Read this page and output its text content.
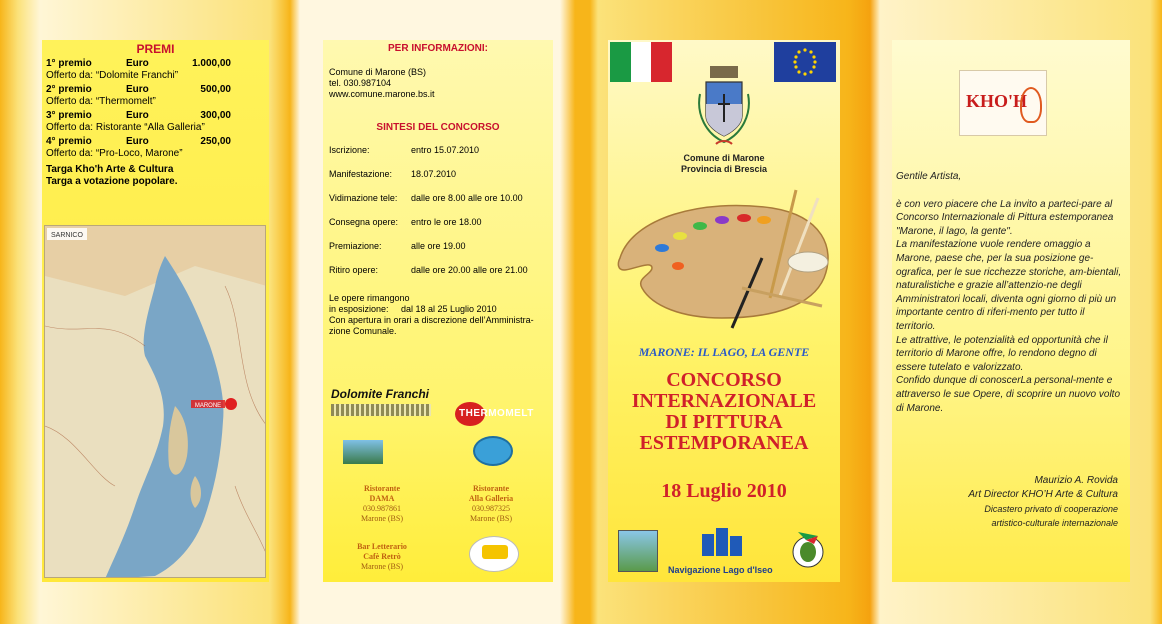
PREMI
1° premio	Euro	1.000,00
Offerto da: “Dolomite Franchi”
2° premio	Euro	500,00
Offerto da: “Thermomelt”
3° premio	Euro	300,00
Offerto da: Ristorante “Alla Galleria”
4° premio	Euro	250,00
Offerto da: “Pro-Loco, Marone”
Targa Kho'h Arte & Cultura
Targa a votazione popolare.
MARONE
SARNICO
PER INFORMAZIONI:
Comune di Marone (BS)
tel. 030.987104
www.comune.marone.bs.it
SINTESI DEL CONCORSO
Iscrizione:	entro 15.07.2010
Manifestazione:	18.07.2010
Vidimazione tele:	dalle ore 8.00 alle ore 10.00
Consegna opere:	entro le ore 18.00
Premiazione:	alle ore 19.00
Ritiro opere:	dalle ore 20.00 alle ore 21.00
Le opere rimangono
in esposizione:	dal 18 al 25 Luglio 2010
Con apertura in orari a discrezione dell’Amministra-zione Comunale.
Dolomite Franchi
THERMOMELT
Ristorante
DAMA
030.987861
Marone (BS)
Ristorante
Alla Galleria
030.987325
Marone (BS)
Bar Letterario
Cafè Retrò
Marone (BS)
Comune di Marone
Provincia di Brescia
MARONE: IL LAGO, LA GENTE
CONCORSO
INTERNAZIONALE
DI PITTURA
ESTEMPORANEA
18 Luglio 2010
Navigazione Lago d'Iseo
KHO'H

Gentile Artista,

è con vero piacere che La invito a parteci-pare al Concorso Internazionale di Pittura estemporanea "Marone, il lago, la gente".

La manifestazione vuole rendere omaggio a Marone, paese che, per la sua posizione ge-ografica, per le sue ricchezze storiche, am-bientali, naturalistiche e grazie all’attenzio-ne degli Amministratori locali, diventa ogni giorno di più un importante centro di riferi-mento per tutto il territorio.

Le attrattive, le potenzialità ed opportunità che il territorio di Marone offre, lo rendono degno di essere tutelato e valorizzato.

Confido dunque di conoscerLa personal-mente e attraverso le sue Opere, di scoprire un nuovo volto di Marone.

Maurizio A. Rovida
Art Director KHO’H Arte & Cultura
Dicastero privato di cooperazione
artistico-culturale internazionale
